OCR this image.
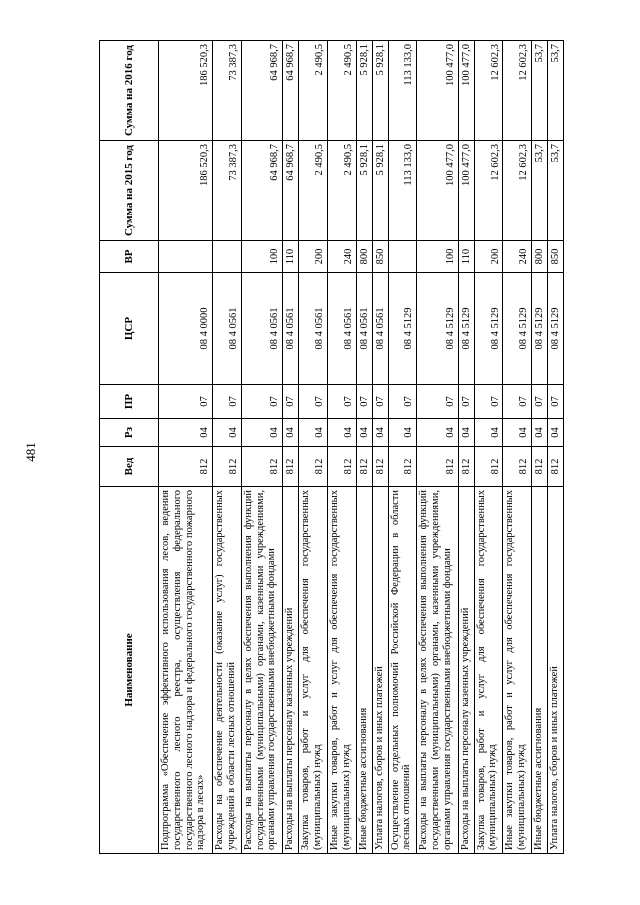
481
Наименование	Вед	Рз	ПР	ЦСР	ВР	Сумма на 2015 год	Сумма на 2016 год
Подпрограмма «Обеспечение эффективного использования лесов, ведения государственного лесного реестра, осуществления федерального государственного лесного надзора и федерального государственного пожарного надзора в лесах»	812	04	07	08 4 0000		186 520,3	186 520,3
Расходы на обеспечение деятельности (оказание услуг) государственных учреждений в области лесных отношений	812	04	07	08 4 0561		73 387,3	73 387,3
Расходы на выплаты персоналу в целях обеспечения выполнения функций государственными (муниципальными) органами, казенными учреждениями, органами управления государственными внебюджетными фондами	812	04	07	08 4 0561	100	64 968,7	64 968,7
Расходы на выплаты персоналу казенных учреждений	812	04	07	08 4 0561	110	64 968,7	64 968,7
Закупка товаров, работ и услуг для обеспечения государственных (муниципальных) нужд	812	04	07	08 4 0561	200	2 490,5	2 490,5
Иные закупки товаров, работ и услуг для обеспечения государственных (муниципальных) нужд	812	04	07	08 4 0561	240	2 490,5	2 490,5
Иные бюджетные ассигнования	812	04	07	08 4 0561	800	5 928,1	5 928,1
Уплата налогов, сборов и иных платежей	812	04	07	08 4 0561	850	5 928,1	5 928,1
Осуществление отдельных полномочий Российской Федерации в области лесных отношений	812	04	07	08 4 5129		113 133,0	113 133,0
Расходы на выплаты персоналу в целях обеспечения выполнения функций государственными (муниципальными) органами, казенными учреждениями, органами управления государственными внебюджетными фондами	812	04	07	08 4 5129	100	100 477,0	100 477,0
Расходы на выплаты персоналу казенных учреждений	812	04	07	08 4 5129	110	100 477,0	100 477,0
Закупка товаров, работ и услуг для обеспечения государственных (муниципальных) нужд	812	04	07	08 4 5129	200	12 602,3	12 602,3
Иные закупки товаров, работ и услуг для обеспечения государственных (муниципальных) нужд	812	04	07	08 4 5129	240	12 602,3	12 602,3
Иные бюджетные ассигнования	812	04	07	08 4 5129	800	53,7	53,7
Уплата налогов, сборов и иных платежей	812	04	07	08 4 5129	850	53,7	53,7
